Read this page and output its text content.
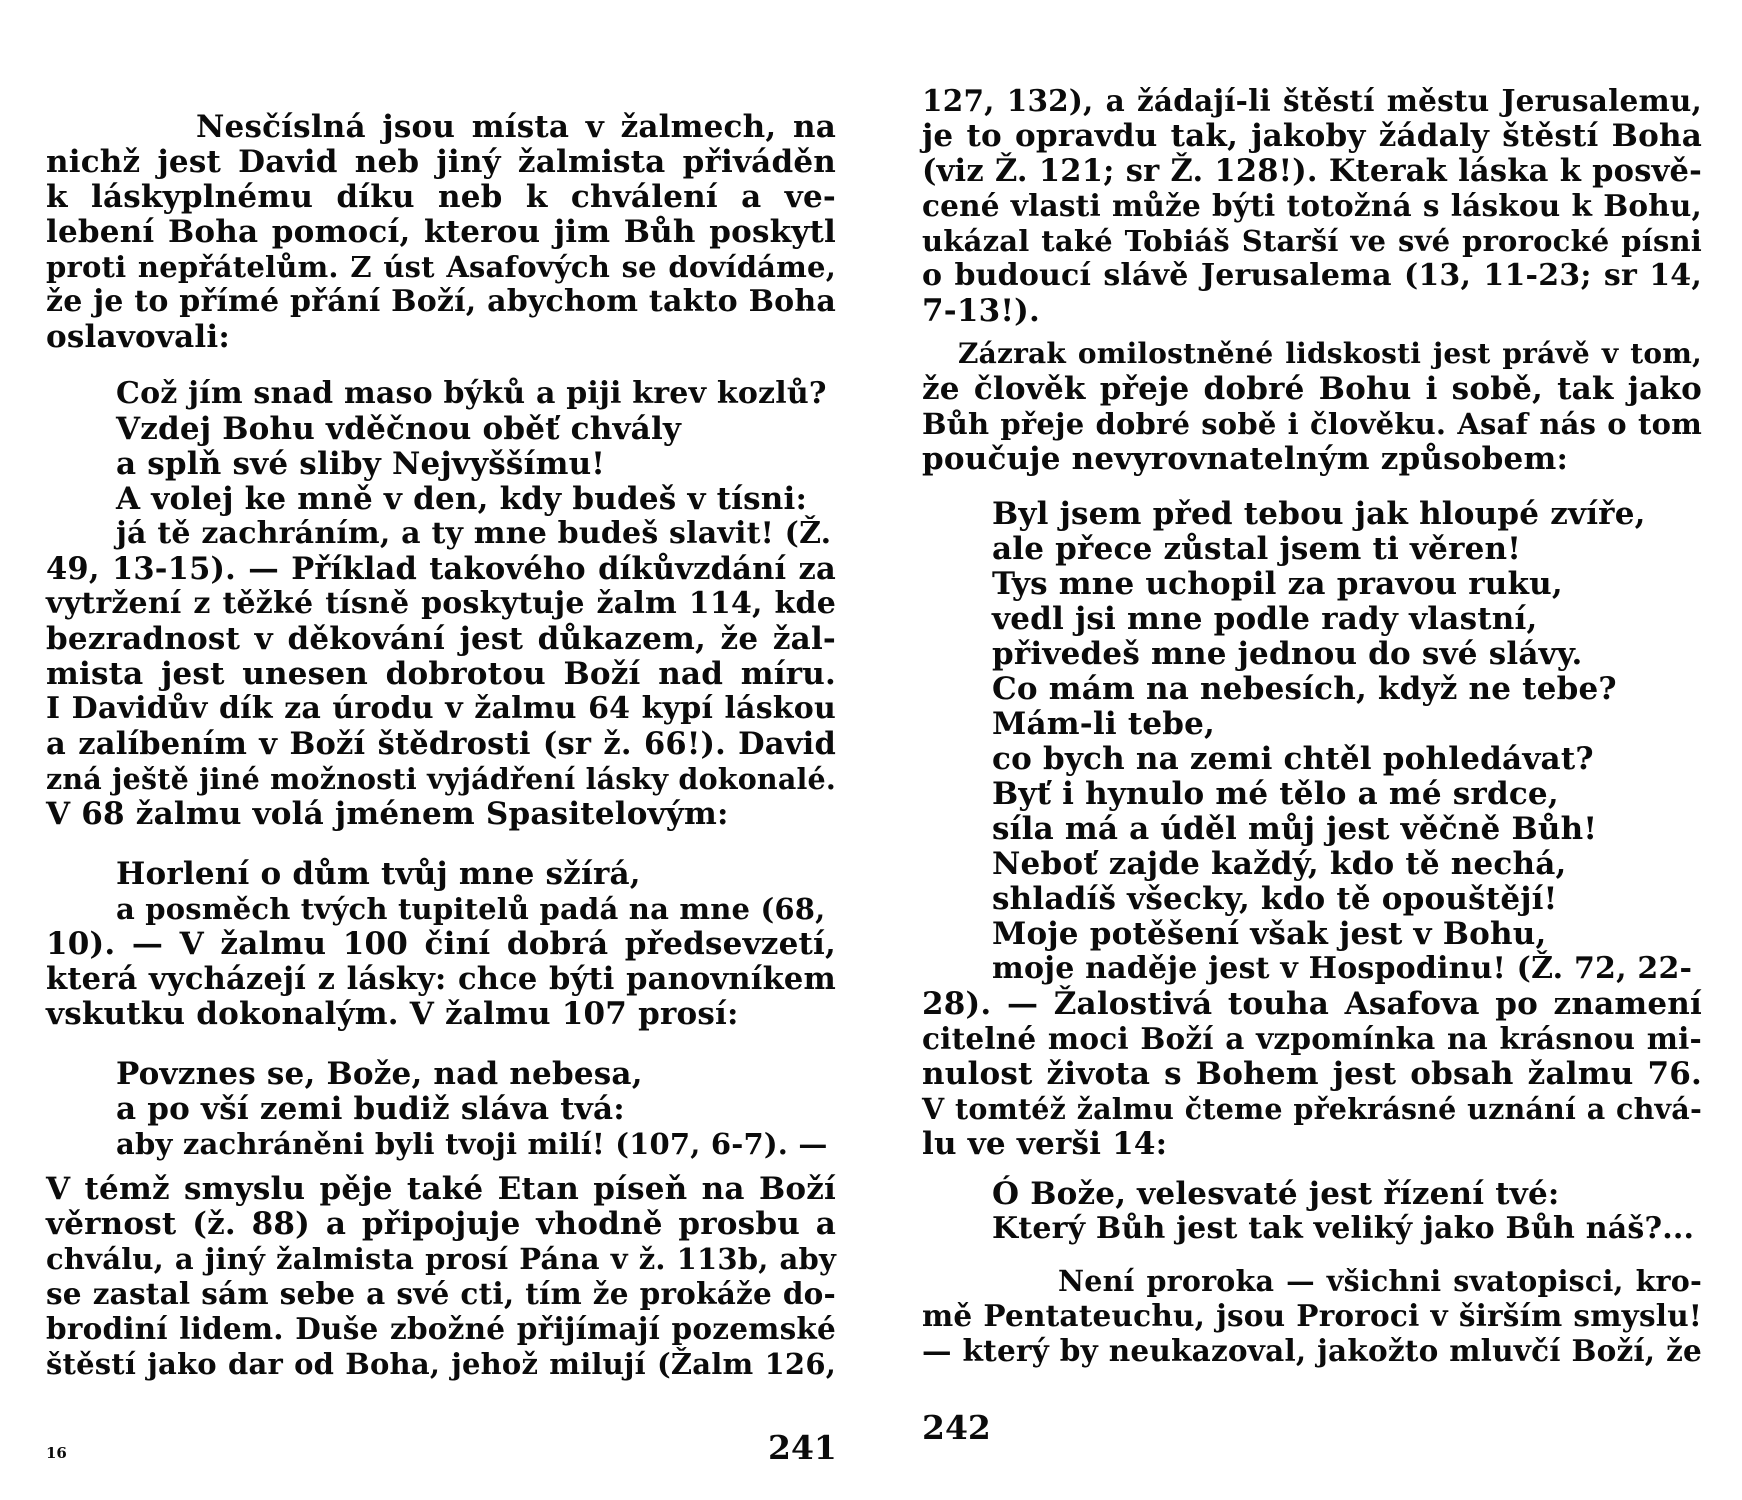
Nesčíslná jsou místa v žalmech, na
nichž jest David neb jiný žalmista přiváděn
k láskyplnému díku neb k chválení a ve-
lebení Boha pomocí, kterou jim Bůh poskytl
proti nepřátelům. Z úst Asafových se dovídáme,
že je to přímé přání Boží, abychom takto Boha
oslavovali:
Což jím snad maso býků a piji krev kozlů?
Vzdej Bohu vděčnou oběť chvály
a splň své sliby Nejvyššímu!
A volej ke mně v den, kdy budeš v tísni:
já tě zachráním, a ty mne budeš slavit! (Ž.
49, 13-15). — Příklad takového díkůvzdání za
vytržení z těžké tísně poskytuje žalm 114, kde
bezradnost v děkování jest důkazem, že žal-
mista jest unesen dobrotou Boží nad míru.
I Davidův dík za úrodu v žalmu 64 kypí láskou
a zalíbením v Boží štědrosti (sr ž. 66!). David
zná ještě jiné možnosti vyjádření lásky dokonalé.
V 68 žalmu volá jménem Spasitelovým:
Horlení o dům tvůj mne sžírá,
a posměch tvých tupitelů padá na mne (68,
10). — V žalmu 100 činí dobrá předsevzetí,
která vycházejí z lásky: chce býti panovníkem
vskutku dokonalým. V žalmu 107 prosí:
Povznes se, Bože, nad nebesa,
a po vší zemi budiž sláva tvá:
aby zachráněni byli tvoji milí! (107, 6-7). —
V témž smyslu pěje také Etan píseň na Boží
věrnost (ž. 88) a připojuje vhodně prosbu a
chválu, a jiný žalmista prosí Pána v ž. 113b, aby
se zastal sám sebe a své cti, tím že prokáže do-
brodiní lidem. Duše zbožné přijímají pozemské
štěstí jako dar od Boha, jehož milují (Žalm 126,
16	241
127, 132), a žádají-li štěstí městu Jerusalemu,
je to opravdu tak, jakoby žádaly štěstí Boha
(viz Ž. 121; sr Ž. 128!). Kterak láska k posvě-
cené vlasti může býti totožná s láskou k Bohu,
ukázal také Tobiáš Starší ve své prorocké písni
o budoucí slávě Jerusalema (13, 11-23; sr 14,
7-13!).
Zázrak omilostněné lidskosti jest právě v tom,
že člověk přeje dobré Bohu i sobě, tak jako
Bůh přeje dobré sobě i člověku. Asaf nás o tom
poučuje nevyrovnatelným způsobem:
Byl jsem před tebou jak hloupé zvíře,
ale přece zůstal jsem ti věren!
Tys mne uchopil za pravou ruku,
vedl jsi mne podle rady vlastní,
přivedeš mne jednou do své slávy.
Co mám na nebesích, když ne tebe?
Mám-li tebe,
co bych na zemi chtěl pohledávat?
Byť i hynulo mé tělo a mé srdce,
síla má a úděl můj jest věčně Bůh!
Neboť zajde každý, kdo tě nechá,
shladíš všecky, kdo tě opouštějí!
Moje potěšení však jest v Bohu,
moje naděje jest v Hospodinu! (Ž. 72, 22-
28). — Žalostivá touha Asafova po znamení
citelné moci Boží a vzpomínka na krásnou mi-
nulost života s Bohem jest obsah žalmu 76.
V tomtéž žalmu čteme překrásné uznání a chvá-
lu ve verši 14:
Ó Bože, velesvaté jest řízení tvé:
Který Bůh jest tak veliký jako Bůh náš?...
Není proroka — všichni svatopisci, kro-
mě Pentateuchu, jsou Proroci v širším smyslu!
— který by neukazoval, jakožto mluvčí Boží, že
242
